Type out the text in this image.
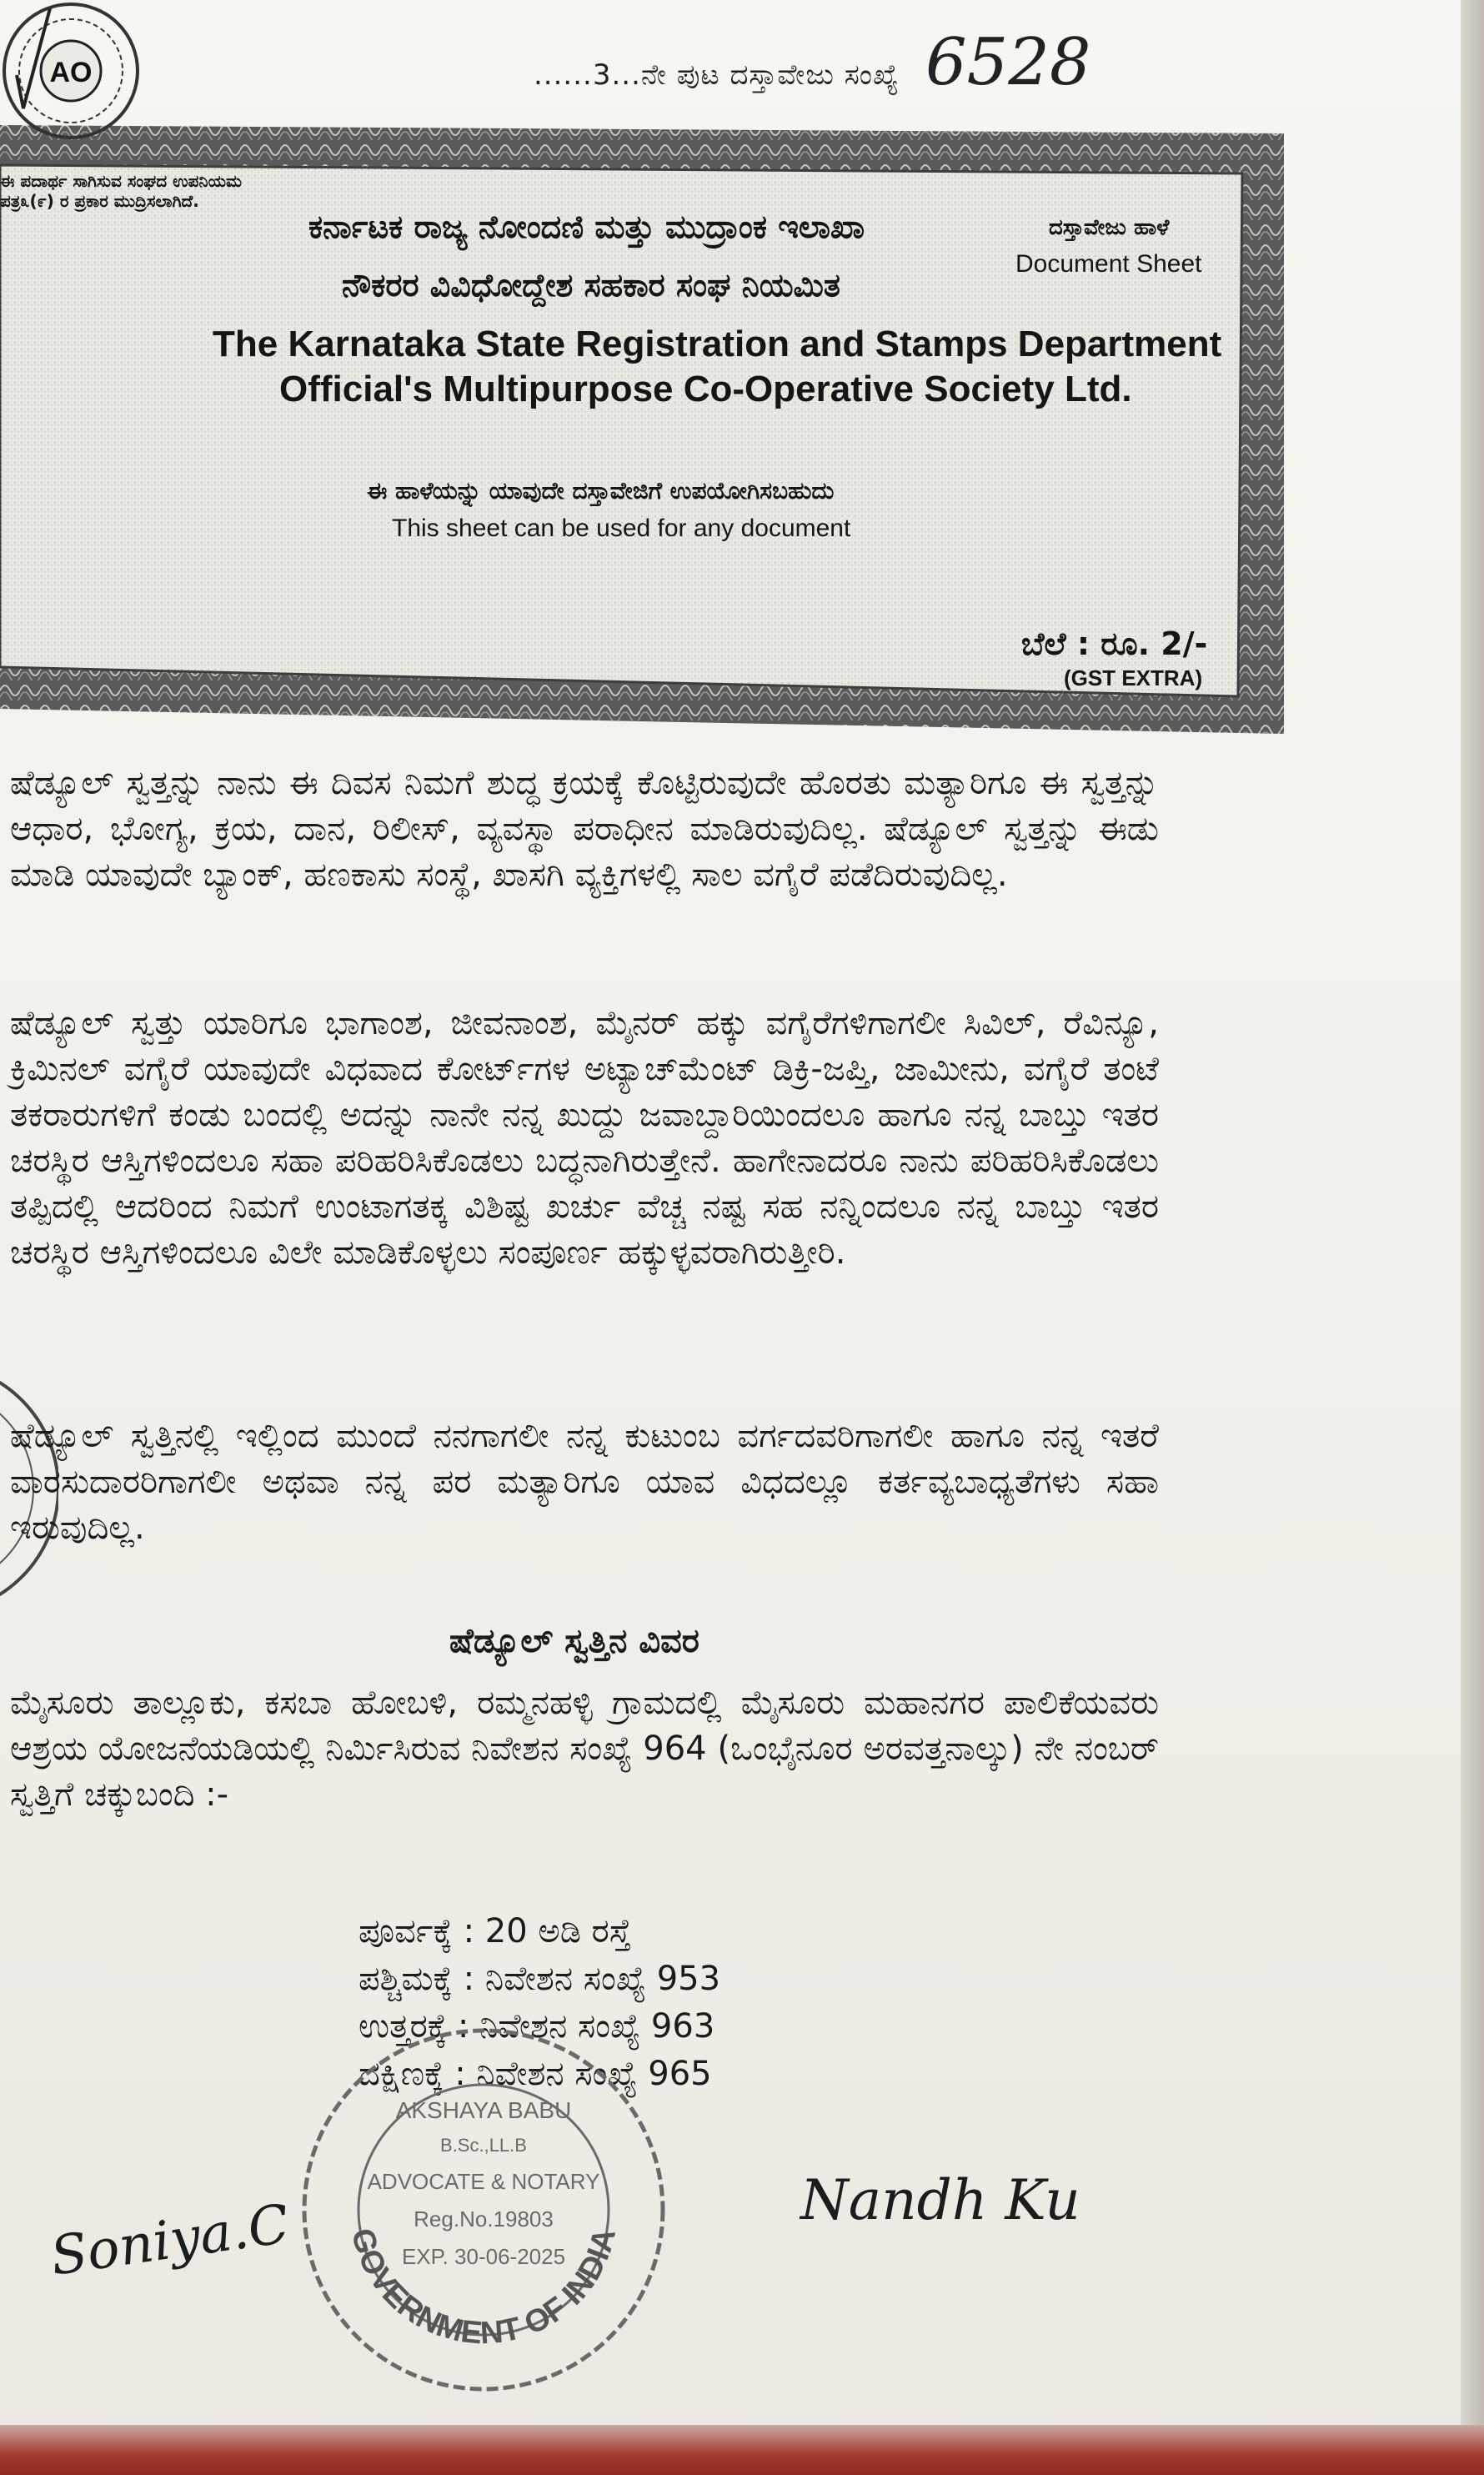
......3...ನೇ ಪುಟ ದಸ್ತಾವೇಜು ಸಂಖ್ಯೆ 6528
ಈ ಪದಾರ್ಥ ಸಾಗಿಸುವ ಸಂಘದ ಉಪನಿಯಮ
ಪತ್ರ೩(೯) ರ ಪ್ರಕಾರ ಮುದ್ರಿಸಲಾಗಿದೆ.
ಕರ್ನಾಟಕ ರಾಜ್ಯ ನೋಂದಣಿ ಮತ್ತು ಮುದ್ರಾಂಕ ಇಲಾಖಾ
ನೌಕರರ ವಿವಿಧೋದ್ದೇಶ ಸಹಕಾರ ಸಂಘ ನಿಯಮಿತ
The Karnataka State Registration and Stamps Department
Official's Multipurpose Co-Operative Society Ltd.
ಈ ಹಾಳೆಯನ್ನು ಯಾವುದೇ ದಸ್ತಾವೇಜಿಗೆ ಉಪಯೋಗಿಸಬಹುದು
This sheet can be used for any document
ದಸ್ತಾವೇಜು ಹಾಳೆ
Document Sheet
ಬೆಲೆ : ರೂ. 2/-
(GST EXTRA)
AO
ಷೆಡ್ಯೂಲ್ ಸ್ವತ್ತನ್ನು ನಾನು ಈ ದಿವಸ ನಿಮಗೆ ಶುದ್ಧ ಕ್ರಯಕ್ಕೆ ಕೊಟ್ಟಿರುವುದೇ ಹೊರತು ಮತ್ಯಾರಿಗೂ ಈ ಸ್ವತ್ತನ್ನು ಆಧಾರ, ಭೋಗ್ಯ, ಕ್ರಯ, ದಾನ, ರಿಲೀಸ್, ವ್ಯವಸ್ಥಾ ಪರಾಧೀನ ಮಾಡಿರುವುದಿಲ್ಲ. ಷೆಡ್ಯೂಲ್ ಸ್ವತ್ತನ್ನು ಈಡು ಮಾಡಿ ಯಾವುದೇ ಬ್ಯಾಂಕ್, ಹಣಕಾಸು ಸಂಸ್ಥೆ, ಖಾಸಗಿ ವ್ಯಕ್ತಿಗಳಲ್ಲಿ ಸಾಲ ವಗೈರೆ ಪಡೆದಿರುವುದಿಲ್ಲ.
ಷೆಡ್ಯೂಲ್ ಸ್ವತ್ತು ಯಾರಿಗೂ ಭಾಗಾಂಶ, ಜೀವನಾಂಶ, ಮೈನರ್ ಹಕ್ಕು ವಗೈರೆಗಳಿಗಾಗಲೀ ಸಿವಿಲ್, ರೆವಿನ್ಯೂ, ಕ್ರಿಮಿನಲ್ ವಗೈರೆ ಯಾವುದೇ ವಿಧವಾದ ಕೋರ್ಟ್‌ಗಳ ಅಟ್ಯಾಚ್‌ಮೆಂಟ್ ಡಿಕ್ರಿ-ಜಪ್ತಿ, ಜಾಮೀನು, ವಗೈರೆ ತಂಟೆ ತಕರಾರುಗಳಿಗೆ ಕಂಡು ಬಂದಲ್ಲಿ ಅದನ್ನು ನಾನೇ ನನ್ನ ಖುದ್ದು ಜವಾಬ್ದಾರಿಯಿಂದಲೂ ಹಾಗೂ ನನ್ನ ಬಾಬ್ತು ಇತರ ಚರಸ್ಥಿರ ಆಸ್ತಿಗಳಿಂದಲೂ ಸಹಾ ಪರಿಹರಿಸಿಕೊಡಲು ಬದ್ಧನಾಗಿರುತ್ತೇನೆ. ಹಾಗೇನಾದರೂ ನಾನು ಪರಿಹರಿಸಿಕೊಡಲು ತಪ್ಪಿದಲ್ಲಿ ಆದರಿಂದ ನಿಮಗೆ ಉಂಟಾಗತಕ್ಕ ವಿಶಿಷ್ಟ ಖರ್ಚು ವೆಚ್ಚ ನಷ್ಟ ಸಹ ನನ್ನಿಂದಲೂ ನನ್ನ ಬಾಬ್ತು ಇತರ ಚರಸ್ಥಿರ ಆಸ್ತಿಗಳಿಂದಲೂ ವಿಲೇ ಮಾಡಿಕೊಳ್ಳಲು ಸಂಪೂರ್ಣ ಹಕ್ಕುಳ್ಳವರಾಗಿರುತ್ತೀರಿ.
ಷೆಡ್ಯೂಲ್ ಸ್ವತ್ತಿನಲ್ಲಿ ಇಲ್ಲಿಂದ ಮುಂದೆ ನನಗಾಗಲೀ ನನ್ನ ಕುಟುಂಬ ವರ್ಗದವರಿಗಾಗಲೀ ಹಾಗೂ ನನ್ನ ಇತರೆ ವಾರಸುದಾರರಿಗಾಗಲೀ ಅಥವಾ ನನ್ನ ಪರ ಮತ್ಯಾರಿಗೂ ಯಾವ ವಿಧದಲ್ಲೂ ಕರ್ತವ್ಯಬಾಧ್ಯತೆಗಳು ಸಹಾ ಇರುವುದಿಲ್ಲ.
ಷೆಡ್ಯೂಲ್ ಸ್ವತ್ತಿನ ವಿವರ
ಮೈಸೂರು ತಾಲ್ಲೂಕು, ಕಸಬಾ ಹೋಬಳಿ, ರಮ್ಮನಹಳ್ಳಿ ಗ್ರಾಮದಲ್ಲಿ ಮೈಸೂರು ಮಹಾನಗರ ಪಾಲಿಕೆಯವರು ಆಶ್ರಯ ಯೋಜನೆಯಡಿಯಲ್ಲಿ ನಿರ್ಮಿಸಿರುವ ನಿವೇಶನ ಸಂಖ್ಯೆ 964 (ಒಂಭೈನೂರ ಅರವತ್ತನಾಲ್ಕು) ನೇ ನಂಬರ್ ಸ್ವತ್ತಿಗೆ ಚಕ್ಕುಬಂದಿ :-
ಪೂರ್ವಕ್ಕೆ : 20 ಅಡಿ ರಸ್ತೆ
ಪಶ್ಚಿಮಕ್ಕೆ : ನಿವೇಶನ ಸಂಖ್ಯೆ 953
ಉತ್ತರಕ್ಕೆ : ನಿವೇಶನ ಸಂಖ್ಯೆ 963
ದಕ್ಷಿಣಕ್ಕೆ : ನಿವೇಶನ ಸಂಖ್ಯೆ 965
AKSHAYA BABU
B.Sc.,LL.B
ADVOCATE & NOTARY
Reg.No.19803
EXP. 30-06-2025
GOVERNMENT OF INDIA
Soniya.C	Nandh Ku
